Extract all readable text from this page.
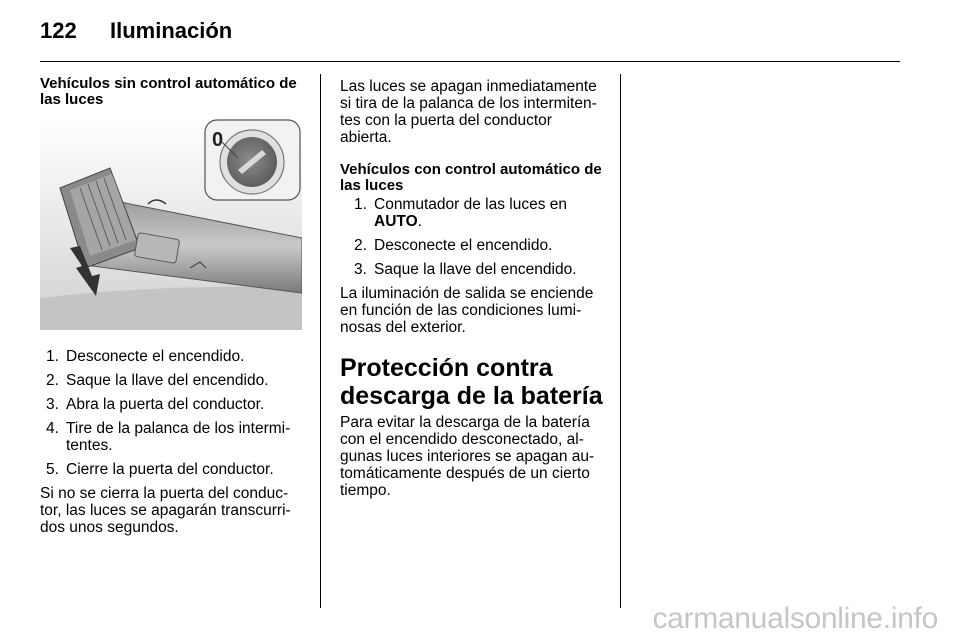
122 Iluminación
Vehículos sin control automático de las luces
0
1. Desconecte el encendido.
2. Saque la llave del encendido.
3. Abra la puerta del conductor.
4. Tire de la palanca de los intermi-tentes.
5. Cierre la puerta del conductor.

Si no se cierra la puerta del conduc-tor, las luces se apagarán transcurri-dos unos segundos.

Las luces se apagan inmediatamente si tira de la palanca de los intermiten-tes con la puerta del conductor abierta.

Vehículos con control automático de las luces
1. Conmutador de las luces en AUTO.
2. Desconecte el encendido.
3. Saque la llave del encendido.

La iluminación de salida se enciende en función de las condiciones lumi-nosas del exterior.

Protección contra descarga de la batería

Para evitar la descarga de la batería con el encendido desconectado, al-gunas luces interiores se apagan au-tomáticamente después de un cierto tiempo.

carmanualsonline.info
